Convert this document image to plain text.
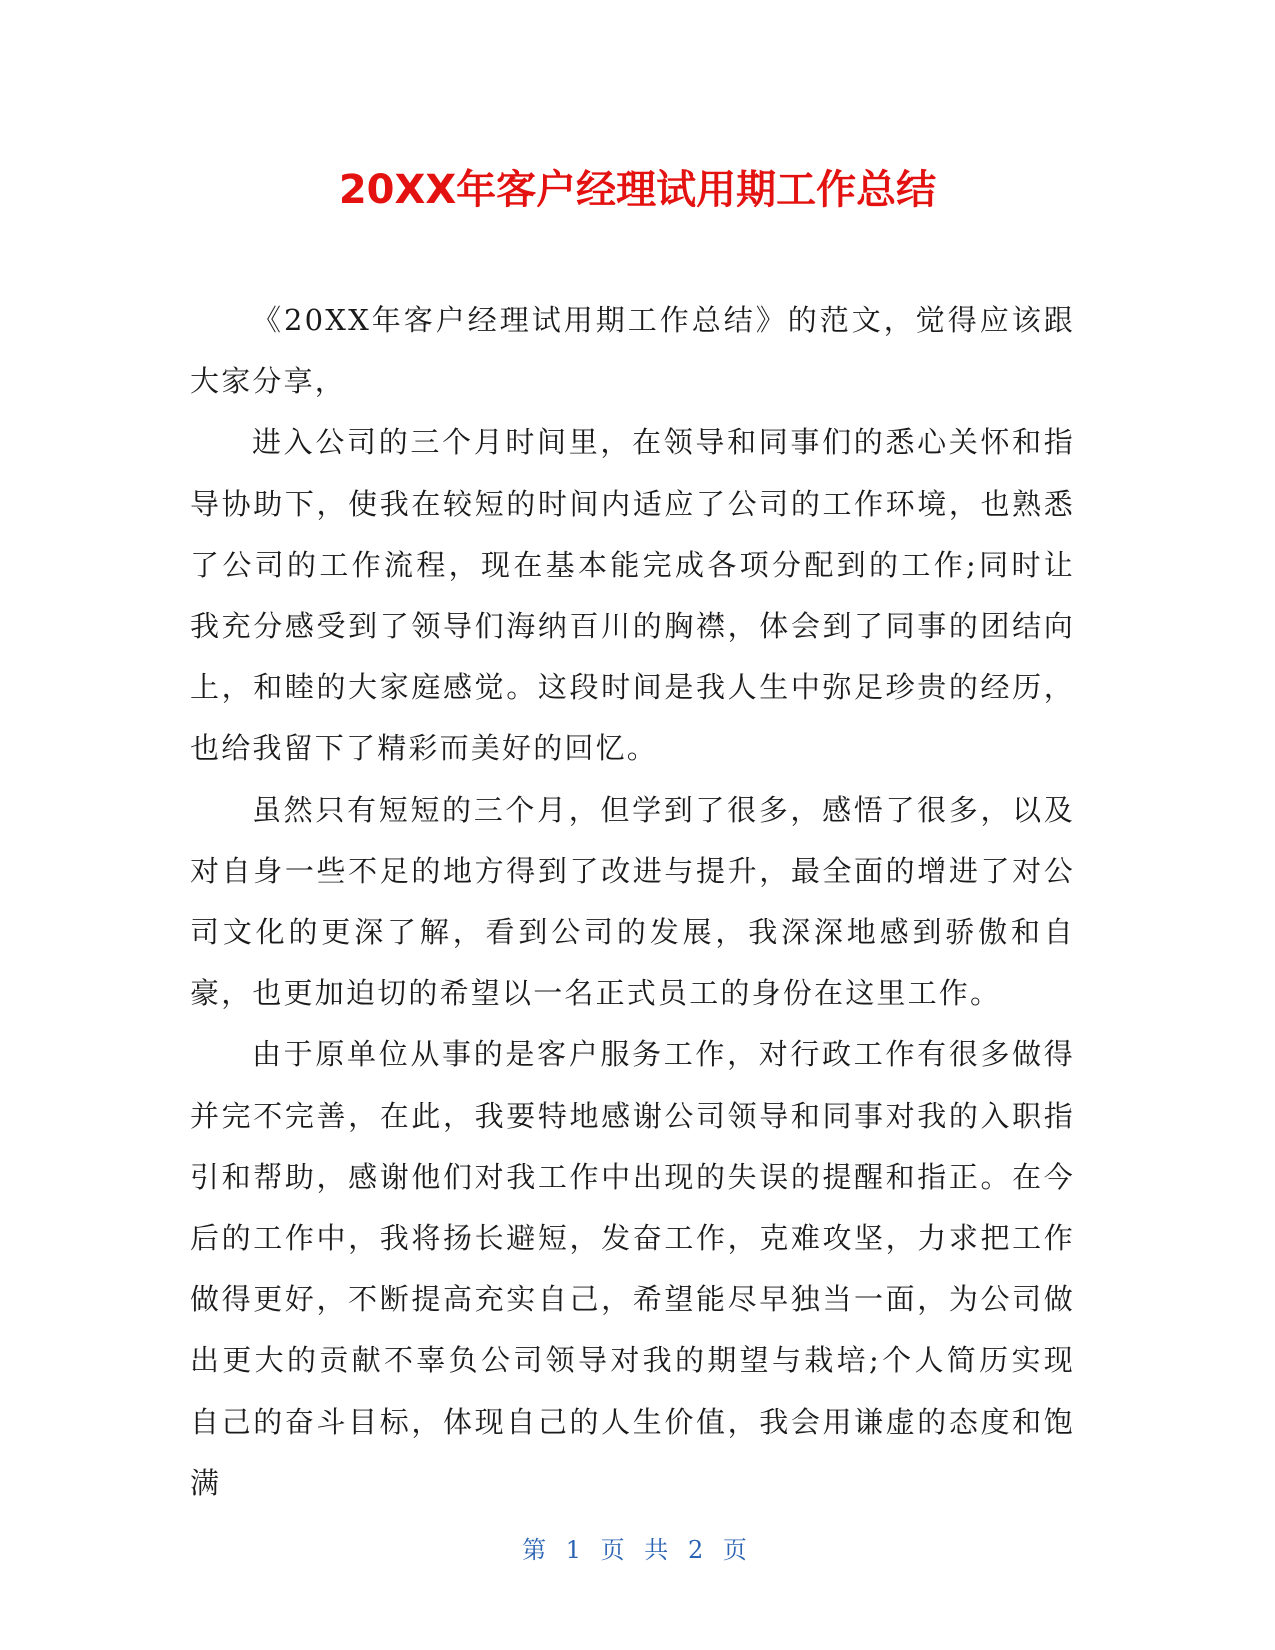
20XX年客户经理试用期工作总结

《20XX年客户经理试用期工作总结》的范文，觉得应该跟大家分享，

进入公司的三个月时间里，在领导和同事们的悉心关怀和指导协助下，使我在较短的时间内适应了公司的工作环境，也熟悉了公司的工作流程，现在基本能完成各项分配到的工作;同时让我充分感受到了领导们海纳百川的胸襟，体会到了同事的团结向上，和睦的大家庭感觉。这段时间是我人生中弥足珍贵的经历，也给我留下了精彩而美好的回忆。

虽然只有短短的三个月，但学到了很多，感悟了很多，以及对自身一些不足的地方得到了改进与提升，最全面的增进了对公司文化的更深了解，看到公司的发展，我深深地感到骄傲和自豪，也更加迫切的希望以一名正式员工的身份在这里工作。

由于原单位从事的是客户服务工作，对行政工作有很多做得并完不完善，在此，我要特地感谢公司领导和同事对我的入职指引和帮助，感谢他们对我工作中出现的失误的提醒和指正。在今后的工作中，我将扬长避短，发奋工作，克难攻坚，力求把工作做得更好，不断提高充实自己，希望能尽早独当一面，为公司做出更大的贡献不辜负公司领导对我的期望与栽培;个人简历实现自己的奋斗目标，体现自己的人生价值，我会用谦虚的态度和饱满

第 1 页 共 2 页
